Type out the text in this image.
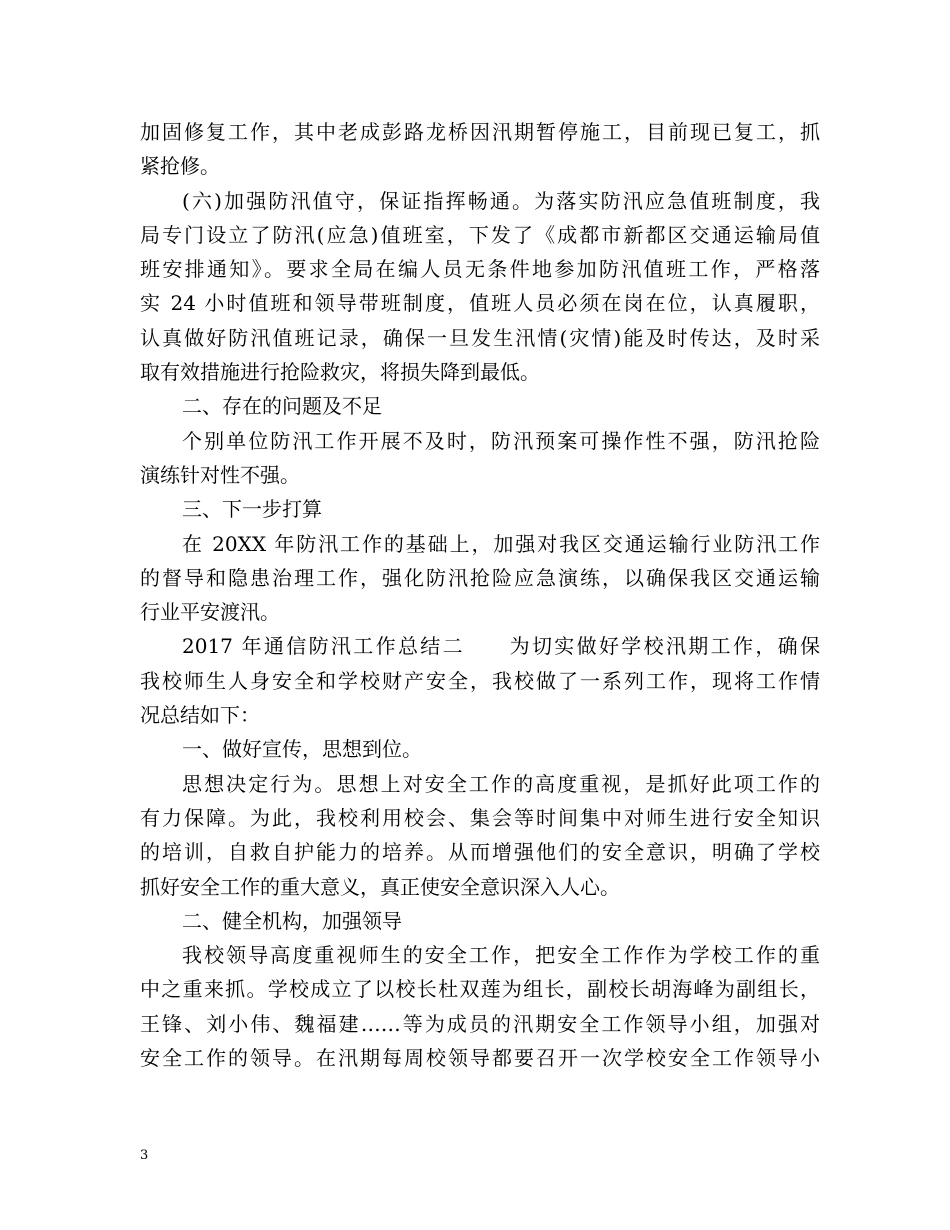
加固修复工作，其中老成彭路龙桥因汛期暂停施工，目前现已复工，抓
紧抢修。
(六)加强防汛值守，保证指挥畅通。为落实防汛应急值班制度，我
局专门设立了防汛(应急)值班室，下发了《成都市新都区交通运输局值
班安排通知》。要求全局在编人员无条件地参加防汛值班工作，严格落
实 24 小时值班和领导带班制度，值班人员必须在岗在位，认真履职，
认真做好防汛值班记录，确保一旦发生汛情(灾情)能及时传达，及时采
取有效措施进行抢险救灾，将损失降到最低。
二、存在的问题及不足
个别单位防汛工作开展不及时，防汛预案可操作性不强，防汛抢险
演练针对性不强。
三、下一步打算
在 20XX 年防汛工作的基础上，加强对我区交通运输行业防汛工作
的督导和隐患治理工作，强化防汛抢险应急演练，以确保我区交通运输
行业平安渡汛。
2017 年通信防汛工作总结二　　为切实做好学校汛期工作，确保
我校师生人身安全和学校财产安全，我校做了一系列工作，现将工作情
况总结如下：
一、做好宣传，思想到位。
思想决定行为。思想上对安全工作的高度重视，是抓好此项工作的
有力保障。为此，我校利用校会、集会等时间集中对师生进行安全知识
的培训，自救自护能力的培养。从而增强他们的安全意识，明确了学校
抓好安全工作的重大意义，真正使安全意识深入人心。
二、健全机构，加强领导
我校领导高度重视师生的安全工作，把安全工作作为学校工作的重
中之重来抓。学校成立了以校长杜双莲为组长，副校长胡海峰为副组长，
王锋、刘小伟、魏福建……等为成员的汛期安全工作领导小组，加强对
安全工作的领导。在汛期每周校领导都要召开一次学校安全工作领导小
3
